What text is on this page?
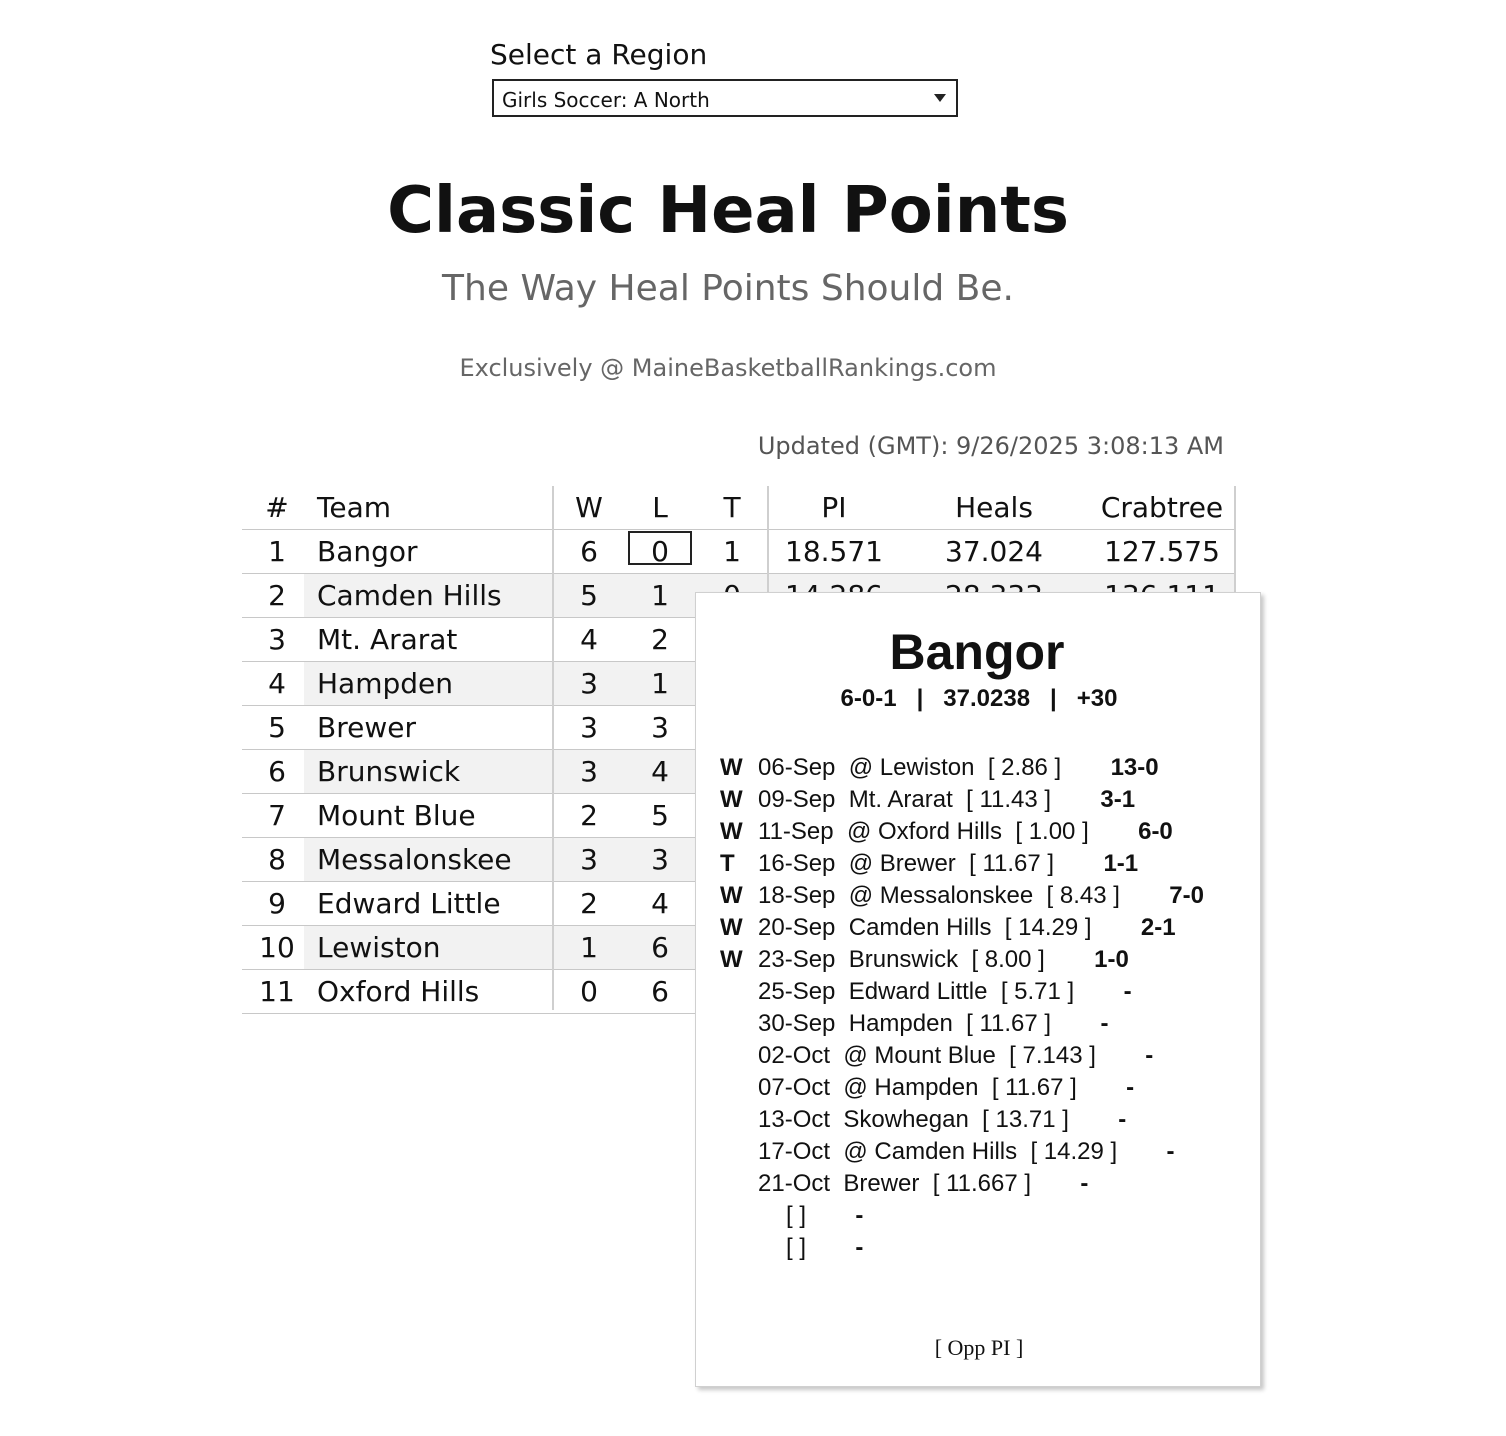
Select a Region
Girls Soccer: A North
Classic Heal Points
The Way Heal Points Should Be.
Exclusively @ MaineBasketballRankings.com
Updated (GMT): 9/26/2025 3:08:13 AM
#	Team	W	L	T	PI	Heals	Crabtree
1	Bangor	6	0	1	18.571	37.024	127.575
2	Camden Hills	5	1
3	Mt. Ararat	4	2
4	Hampden	3	1
5	Brewer	3	3
6	Brunswick	3	4
7	Mount Blue	2	5
8	Messalonskee	3	3
9	Edward Little	2	4
10 Lewiston	1	6
11 Oxford Hills	0	6
Bangor
6-0-1   |   37.0238   |   +30
W 06-Sep @ Lewiston [ 2.86 ] 13-0
W 09-Sep Mt. Ararat [ 11.43 ] 3-1
W 11-Sep @ Oxford Hills [ 1.00 ] 6-0
T 16-Sep @ Brewer [ 11.67 ] 1-1
W 18-Sep @ Messalonskee [ 8.43 ] 7-0
W 20-Sep Camden Hills [ 14.29 ] 2-1
W 23-Sep Brunswick [ 8.00 ] 1-0
25-Sep Edward Little [ 5.71 ] -
30-Sep Hampden [ 11.67 ] -
02-Oct @ Mount Blue [ 7.143 ] -
07-Oct @ Hampden [ 11.67 ] -
13-Oct Skowhegan [ 13.71 ] -
17-Oct @ Camden Hills [ 14.29 ] -
21-Oct Brewer [ 11.667 ] -
[ ] -
[ ] -
[ Opp PI ]
